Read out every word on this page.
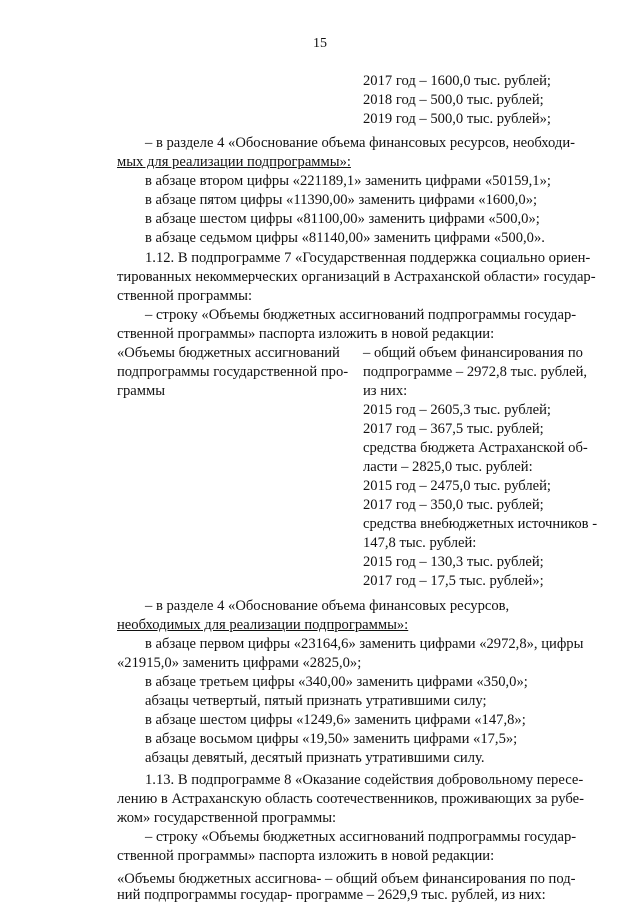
15
2017 год – 1600,0 тыс. рублей;
2018 год – 500,0 тыс. рублей;
2019 год – 500,0 тыс. рублей»;
– в разделе 4 «Обоснование объема финансовых ресурсов, необходи-
мых для реализации подпрограммы»:
в абзаце втором цифры «221189,1» заменить цифрами «50159,1»;
в абзаце пятом цифры «11390,00» заменить цифрами «1600,0»;
в абзаце шестом цифры «81100,00» заменить цифрами «500,0»;
в абзаце седьмом цифры «81140,00» заменить цифрами «500,0».
1.12. В подпрограмме 7 «Государственная поддержка социально ориен-
тированных некоммерческих организаций в Астраханской области» государ-
ственной программы:
– строку «Объемы бюджетных ассигнований подпрограммы государ-
ственной программы» паспорта изложить в новой редакции:
«Объемы бюджетных ассигнований
подпрограммы государственной про-
граммы
– общий объем финансирования по
подпрограмме – 2972,8 тыс. рублей,
из них:
2015 год – 2605,3 тыс. рублей;
2017 год – 367,5 тыс. рублей;
средства бюджета Астраханской об-
ласти – 2825,0 тыс. рублей:
2015 год – 2475,0 тыс. рублей;
2017 год – 350,0 тыс. рублей;
средства внебюджетных источников -
147,8 тыс. рублей:
2015 год – 130,3 тыс. рублей;
2017 год – 17,5 тыс. рублей»;
– в разделе 4 «Обоснование объема финансовых ресурсов,
необходимых для реализации подпрограммы»:
в абзаце первом цифры «23164,6» заменить цифрами «2972,8», цифры
«21915,0» заменить цифрами «2825,0»;
в абзаце третьем цифры «340,00» заменить цифрами «350,0»;
абзацы четвертый, пятый признать утратившими силу;
в абзаце шестом цифры «1249,6» заменить цифрами «147,8»;
в абзаце восьмом цифры «19,50» заменить цифрами «17,5»;
абзацы девятый, десятый признать утратившими силу.
1.13. В подпрограмме 8 «Оказание содействия добровольному пересе-
лению в Астраханскую область соотечественников, проживающих за рубе-
жом» государственной программы:
– строку «Объемы бюджетных ассигнований подпрограммы государ-
ственной программы» паспорта изложить в новой редакции:
«Объемы бюджетных ассигнова- – общий объем финансирования по под-
ний подпрограммы государ- программе – 2629,9 тыс. рублей, из них:
